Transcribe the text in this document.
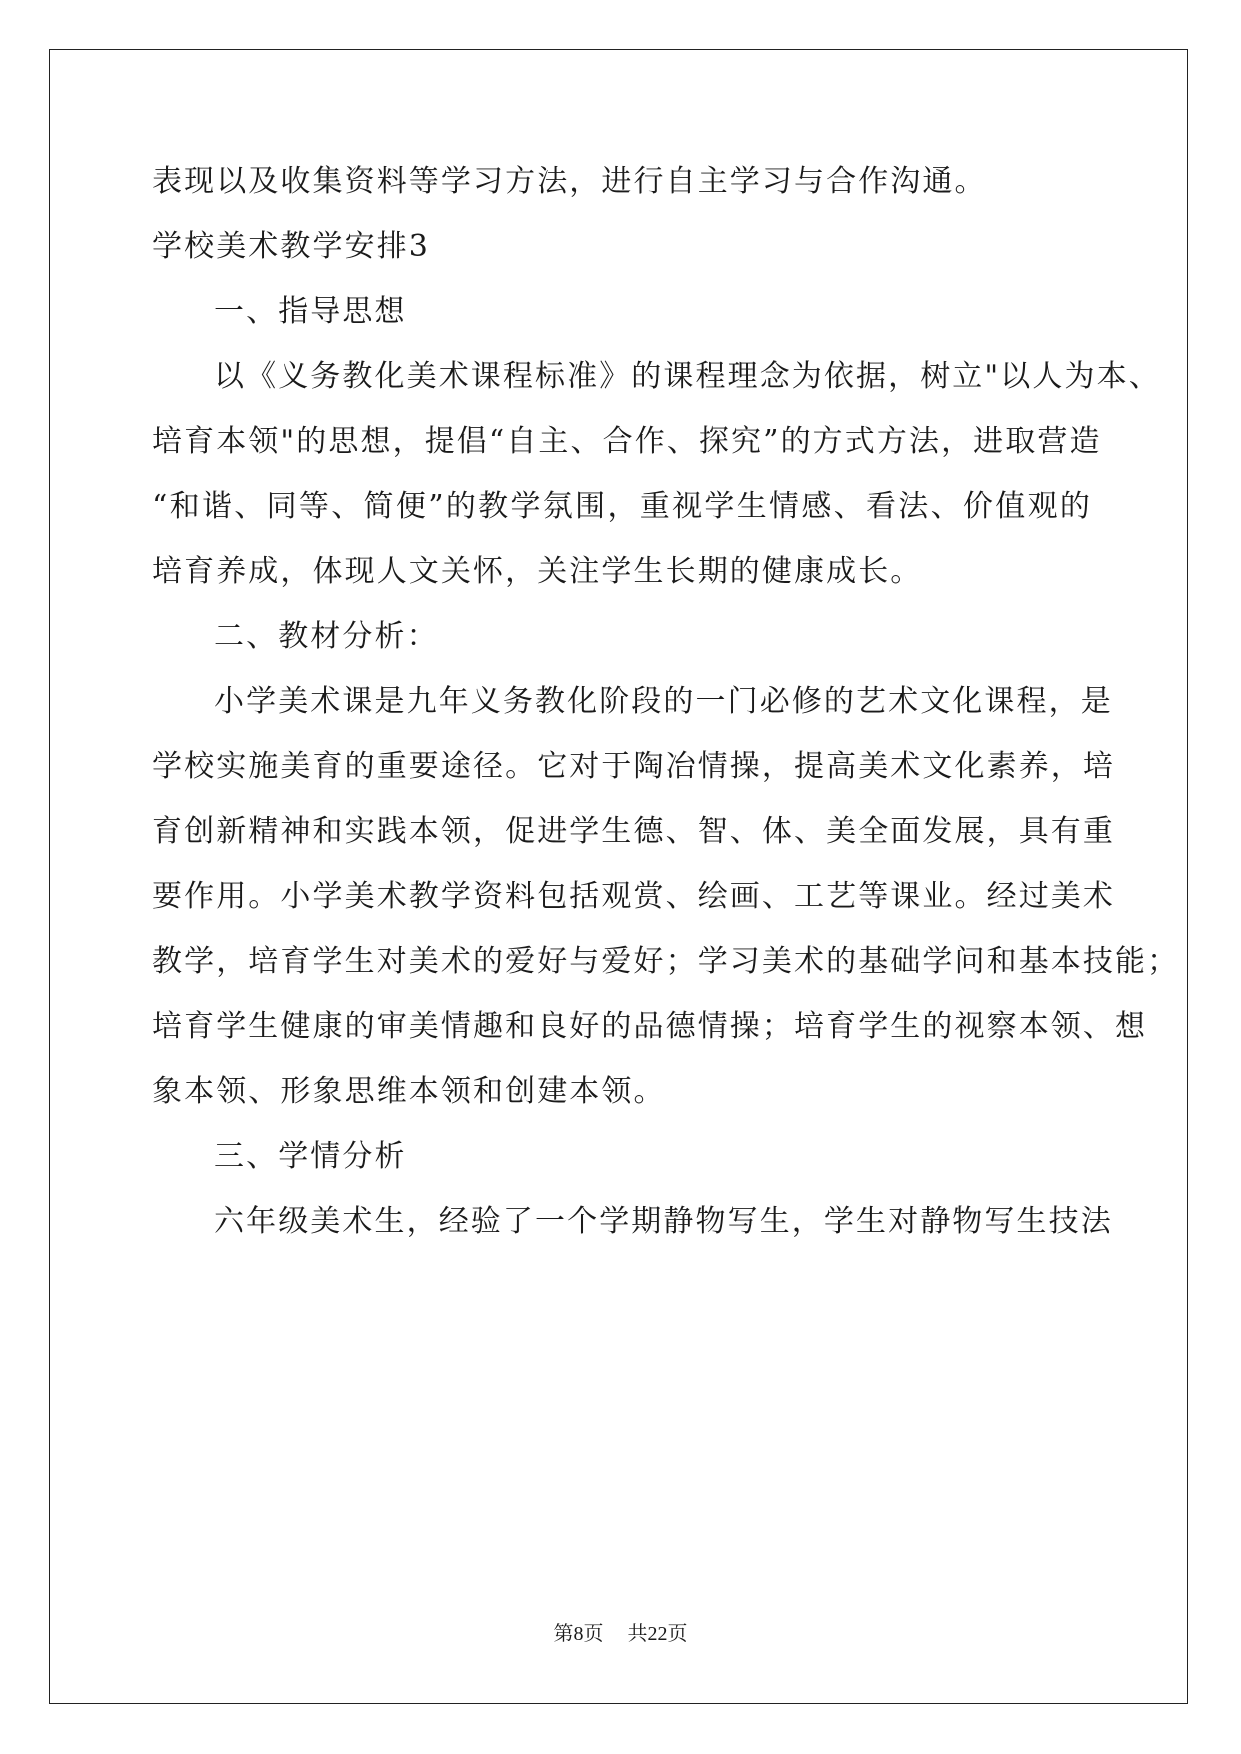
表现以及收集资料等学习方法，进行自主学习与合作沟通。
学校美术教学安排3
一、指导思想
以《义务教化美术课程标准》的课程理念为依据，树立"以人为本、
培育本领"的思想，提倡“自主、合作、探究”的方式方法，进取营造
“和谐、同等、简便”的教学氛围，重视学生情感、看法、价值观的
培育养成，体现人文关怀，关注学生长期的健康成长。
二、教材分析：
小学美术课是九年义务教化阶段的一门必修的艺术文化课程，是
学校实施美育的重要途径。它对于陶冶情操，提高美术文化素养，培
育创新精神和实践本领，促进学生德、智、体、美全面发展，具有重
要作用。小学美术教学资料包括观赏、绘画、工艺等课业。经过美术
教学，培育学生对美术的爱好与爱好；学习美术的基础学问和基本技能；
培育学生健康的审美情趣和良好的品德情操；培育学生的视察本领、想
象本领、形象思维本领和创建本领。
三、学情分析
六年级美术生，经验了一个学期静物写生，学生对静物写生技法
第8页 共22页
